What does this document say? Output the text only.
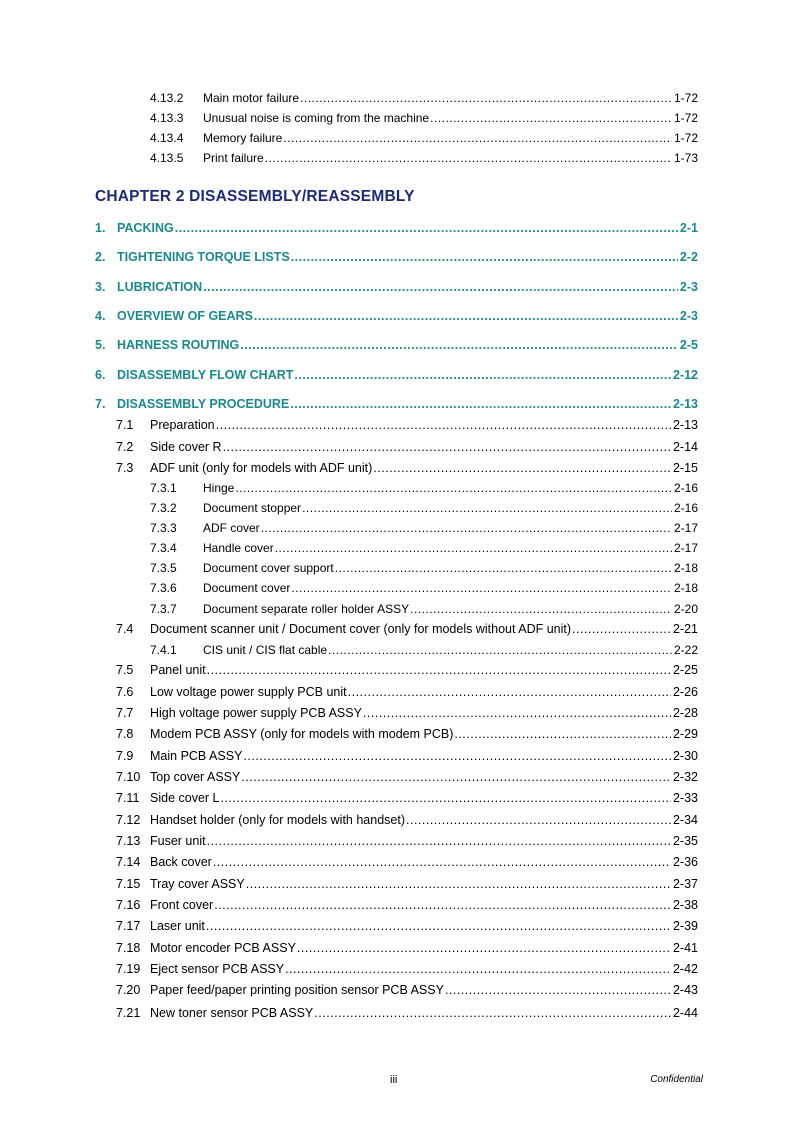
4.13.2	Main motor failure .....	1-72
4.13.3	Unusual noise is coming from the machine .....	1-72
4.13.4	Memory failure .....	1-72
4.13.5	Print failure .....	1-73
1. PACKING .....	2-1
2. TIGHTENING TORQUE LISTS .....	2-2
3. LUBRICATION .....	2-3
4. OVERVIEW OF GEARS .....	2-3
5. HARNESS ROUTING .....	2-5
6. DISASSEMBLY FLOW CHART .....	2-12
7. DISASSEMBLY PROCEDURE .....	2-13
7.1	Preparation .....	2-13
7.2	Side cover R .....	2-14
7.3	ADF unit (only for models with ADF unit) .....	2-15
7.3.1	Hinge .....	2-16
7.3.2	Document stopper .....	2-16
7.3.3	ADF cover .....	2-17
7.3.4	Handle cover .....	2-17
7.3.5	Document cover support .....	2-18
7.3.6	Document cover .....	2-18
7.3.7	Document separate roller holder ASSY .....	2-20
7.4	Document scanner unit / Document cover (only for models without ADF unit) .....	2-21
7.4.1	CIS unit / CIS flat cable .....	2-22
7.5	Panel unit .....	2-25
7.6	Low voltage power supply PCB unit .....	2-26
7.7	High voltage power supply PCB ASSY .....	2-28
7.8	Modem PCB ASSY (only for models with modem PCB) .....	2-29
7.9	Main PCB ASSY .....	2-30
7.10 Top cover ASSY .....	2-32
7.11 Side cover L .....	2-33
7.12 Handset holder (only for models with handset) .....	2-34
7.13 Fuser unit .....	2-35
7.14 Back cover .....	2-36
7.15 Tray cover ASSY .....	2-37
7.16 Front cover .....	2-38
7.17 Laser unit .....	2-39
7.18 Motor encoder PCB ASSY .....	2-41
7.19 Eject sensor PCB ASSY .....	2-42
7.20 Paper feed/paper printing position sensor PCB ASSY .....	2-43
7.21 New toner sensor PCB ASSY .....	2-44
CHAPTER 2 DISASSEMBLY/REASSEMBLY
iii	Confidential
